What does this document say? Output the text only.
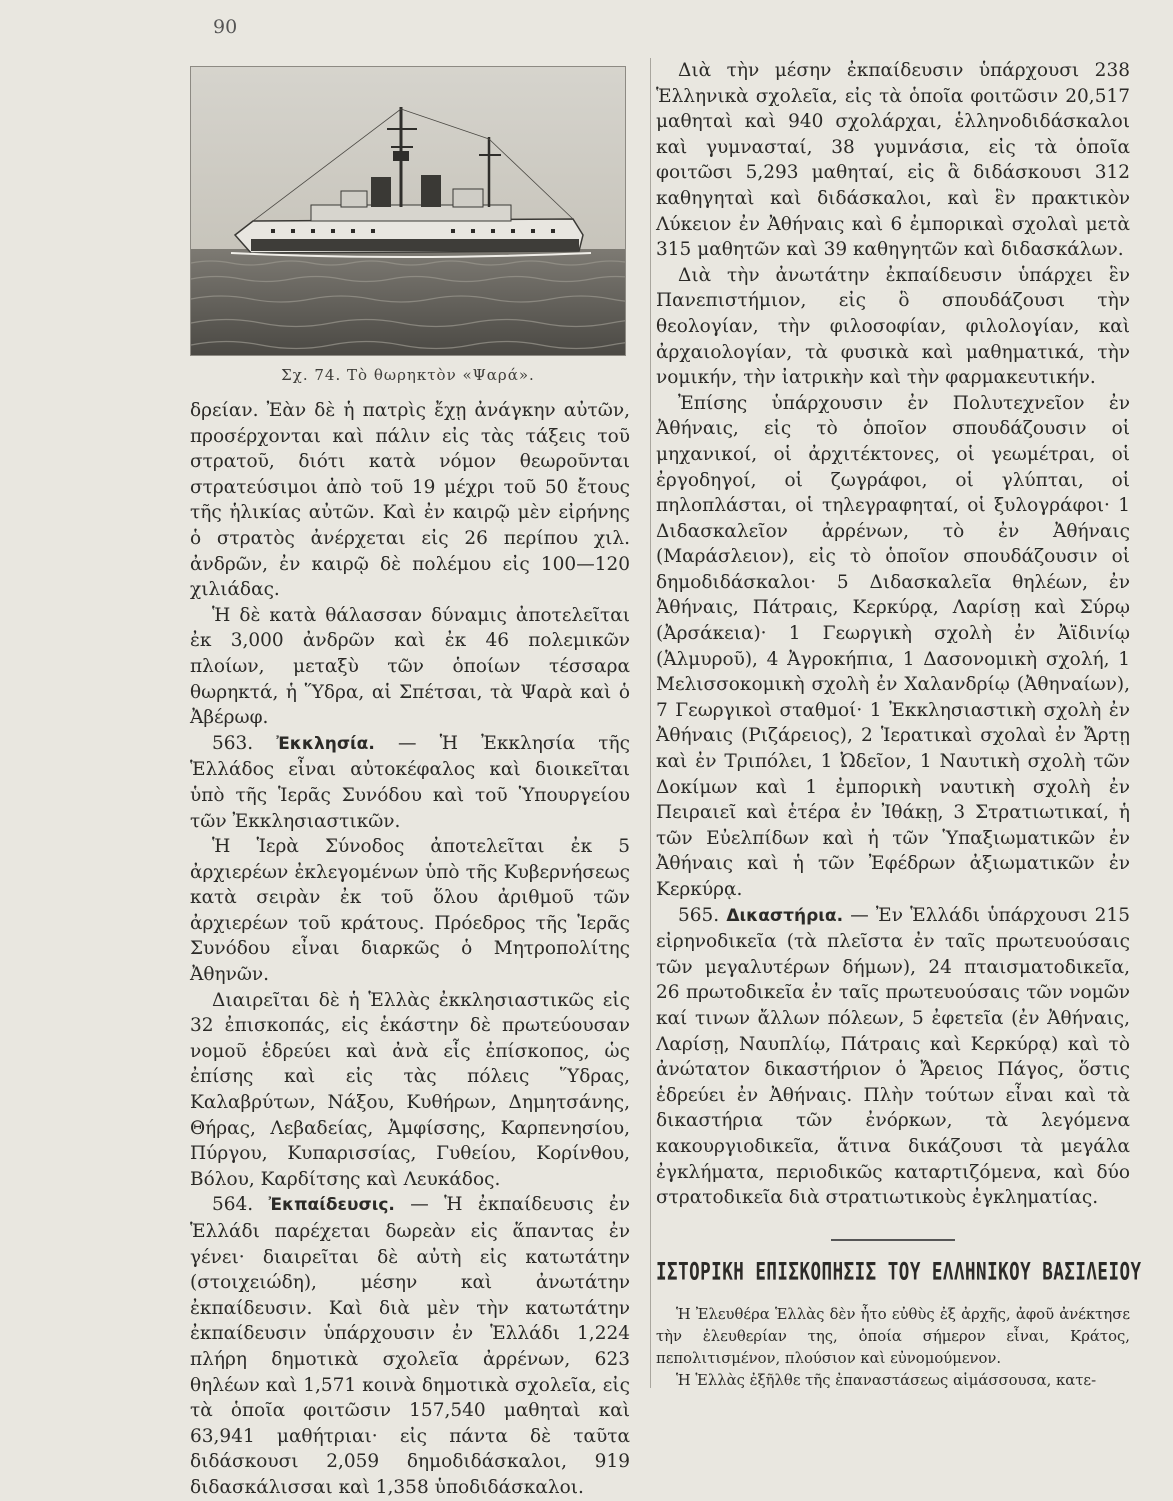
90
Σχ. 74. Τὸ θωρηκτὸν «Ψαρά».

δρείαν. Ἐὰν δὲ ἡ πατρὶς ἔχῃ ἀνάγκην αὐτῶν, προσέρχονται καὶ πάλιν εἰς τὰς τάξεις τοῦ στρατοῦ, διότι κατὰ νόμον θεωροῦνται στρατεύσιμοι ἀπὸ τοῦ 19 μέχρι τοῦ 50 ἔτους τῆς ἡλικίας αὐτῶν. Καὶ ἐν καιρῷ μὲν εἰρήνης ὁ στρατὸς ἀνέρχεται εἰς 26 περίπου χιλ. ἀνδρῶν, ἐν καιρῷ δὲ πολέμου εἰς 100—120 χιλιάδας.

Ἡ δὲ κατὰ θάλασσαν δύναμις ἀποτελεῖται ἐκ 3,000 ἀνδρῶν καὶ ἐκ 46 πολεμικῶν πλοίων, μεταξὺ τῶν ὁποίων τέσσαρα θωρηκτά, ἡ Ὕδρα, αἱ Σπέτσαι, τὰ Ψαρὰ καὶ ὁ Ἀβέρωφ.

563. Ἐκκλησία. — Ἡ Ἐκκλησία τῆς Ἑλλάδος εἶναι αὐτοκέφαλος καὶ διοικεῖται ὑπὸ τῆς Ἱερᾶς Συνόδου καὶ τοῦ Ὑπουργείου τῶν Ἐκκλησιαστικῶν.

Ἡ Ἱερὰ Σύνοδος ἀποτελεῖται ἐκ 5 ἀρχιερέων ἐκλεγομένων ὑπὸ τῆς Κυβερνήσεως κατὰ σειρὰν ἐκ τοῦ ὅλου ἀριθμοῦ τῶν ἀρχιερέων τοῦ κράτους. Πρόεδρος τῆς Ἱερᾶς Συνόδου εἶναι διαρκῶς ὁ Μητροπολίτης Ἀθηνῶν.

Διαιρεῖται δὲ ἡ Ἑλλὰς ἐκκλησιαστικῶς εἰς 32 ἐπισκοπάς, εἰς ἑκάστην δὲ πρωτεύουσαν νομοῦ ἑδρεύει καὶ ἀνὰ εἷς ἐπίσκοπος, ὡς ἐπίσης καὶ εἰς τὰς πόλεις Ὕδρας, Καλαβρύτων, Νάξου, Κυθήρων, Δημητσάνης, Θήρας, Λεβαδείας, Ἀμφίσσης, Καρπενησίου, Πύργου, Κυπαρισσίας, Γυθείου, Κορίνθου, Βόλου, Καρδίτσης καὶ Λευκάδος.

564. Ἐκπαίδευσις. — Ἡ ἐκπαίδευσις ἐν Ἑλλάδι παρέχεται δωρεὰν εἰς ἅπαντας ἐν γένει· διαιρεῖται δὲ αὐτὴ εἰς κατωτάτην (στοιχειώδη), μέσην καὶ ἀνωτάτην ἐκπαίδευσιν. Καὶ διὰ μὲν τὴν κατωτάτην ἐκπαίδευσιν ὑπάρχουσιν ἐν Ἑλλάδι 1,224 πλήρη δημοτικὰ σχολεῖα ἀρρένων, 623 θηλέων καὶ 1,571 κοινὰ δημοτικὰ σχολεῖα, εἰς τὰ ὁποῖα φοιτῶσιν 157,540 μαθηταὶ καὶ 63,941 μαθήτριαι· εἰς πάντα δὲ ταῦτα διδάσκουσι 2,059 δημοδιδάσκαλοι, 919 διδασκάλισσαι καὶ 1,358 ὑποδιδάσκαλοι.

Διὰ τὴν μέσην ἐκπαίδευσιν ὑπάρχουσι 238 Ἑλληνικὰ σχολεῖα, εἰς τὰ ὁποῖα φοιτῶσιν 20,517 μαθηταὶ καὶ 940 σχολάρχαι, ἑλληνοδιδάσκαλοι καὶ γυμνασταί, 38 γυμνάσια, εἰς τὰ ὁποῖα φοιτῶσι 5,293 μαθηταί, εἰς ἃ διδάσκουσι 312 καθηγηταὶ καὶ διδάσκαλοι, καὶ ἓν πρακτικὸν Λύκειον ἐν Ἀθήναις καὶ 6 ἐμπορικαὶ σχολαὶ μετὰ 315 μαθητῶν καὶ 39 καθηγητῶν καὶ διδασκάλων.

Διὰ τὴν ἀνωτάτην ἐκπαίδευσιν ὑπάρχει ἓν Πανεπιστήμιον, εἰς ὃ σπουδάζουσι τὴν θεολογίαν, τὴν φιλοσοφίαν, φιλολογίαν, καὶ ἀρχαιολογίαν, τὰ φυσικὰ καὶ μαθηματικά, τὴν νομικήν, τὴν ἰατρικὴν καὶ τὴν φαρμακευτικήν.

Ἐπίσης ὑπάρχουσιν ἐν Πολυτεχνεῖον ἐν Ἀθήναις, εἰς τὸ ὁποῖον σπουδάζουσιν οἱ μηχανικοί, οἱ ἀρχιτέκτονες, οἱ γεωμέτραι, οἱ ἐργοδηγοί, οἱ ζωγράφοι, οἱ γλύπται, οἱ πηλοπλάσται, οἱ τηλεγραφηταί, οἱ ξυλογράφοι· 1 Διδασκαλεῖον ἀρρένων, τὸ ἐν Ἀθήναις (Μαράσλειον), εἰς τὸ ὁποῖον σπουδάζουσιν οἱ δημοδιδάσκαλοι· 5 Διδασκαλεῖα θηλέων, ἐν Ἀθήναις, Πάτραις, Κερκύρᾳ, Λαρίσῃ καὶ Σύρῳ (Ἀρσάκεια)· 1 Γεωργικὴ σχολὴ ἐν Ἀϊδινίῳ (Ἁλμυροῦ), 4 Ἀγροκήπια, 1 Δασονομικὴ σχολή, 1 Μελισσοκομικὴ σχολὴ ἐν Χαλανδρίῳ (Ἀθηναίων), 7 Γεωργικοὶ σταθμοί· 1 Ἐκκλησιαστικὴ σχολὴ ἐν Ἀθήναις (Ριζάρειος), 2 Ἱερατικαὶ σχολαὶ ἐν Ἄρτῃ καὶ ἐν Τριπόλει, 1 Ὠδεῖον, 1 Ναυτικὴ σχολὴ τῶν Δοκίμων καὶ 1 ἐμπορικὴ ναυτικὴ σχολὴ ἐν Πειραιεῖ καὶ ἑτέρα ἐν Ἰθάκῃ, 3 Στρατιωτικαί, ἡ τῶν Εὐελπίδων καὶ ἡ τῶν Ὑπαξιωματικῶν ἐν Ἀθήναις καὶ ἡ τῶν Ἐφέδρων ἀξιωματικῶν ἐν Κερκύρᾳ.

565. Δικαστήρια. — Ἐν Ἑλλάδι ὑπάρχουσι 215 εἰρηνοδικεῖα (τὰ πλεῖστα ἐν ταῖς πρωτευούσαις τῶν μεγαλυτέρων δήμων), 24 πταισματοδικεῖα, 26 πρωτοδικεῖα ἐν ταῖς πρωτευούσαις τῶν νομῶν καί τινων ἄλλων πόλεων, 5 ἐφετεῖα (ἐν Ἀθήναις, Λαρίσῃ, Ναυπλίῳ, Πάτραις καὶ Κερκύρᾳ) καὶ τὸ ἀνώτατον δικαστήριον ὁ Ἄρειος Πάγος, ὅστις ἑδρεύει ἐν Ἀθήναις. Πλὴν τούτων εἶναι καὶ τὰ δικαστήρια τῶν ἐνόρκων, τὰ λεγόμενα κακουργιοδικεῖα, ἅτινα δικάζουσι τὰ μεγάλα ἐγκλήματα, περιοδικῶς καταρτιζόμενα, καὶ δύο στρατοδικεῖα διὰ στρατιωτικοὺς ἐγκληματίας.

ΙΣΤΟΡΙΚΗ ΕΠΙΣΚΟΠΗΣΙΣ ΤΟΥ ΕΛΛΗΝΙΚΟΥ ΒΑΣΙΛΕΙΟΥ

Ἡ Ἐλευθέρα Ἑλλὰς δὲν ἦτο εὐθὺς ἐξ ἀρχῆς, ἀφοῦ ἀνέκτησε τὴν ἐλευθερίαν της, ὁποία σήμερον εἶναι, Κράτος, πεπολιτισμένον, πλούσιον καὶ εὐνομούμενον.

Ἡ Ἑλλὰς ἐξῆλθε τῆς ἐπαναστάσεως αἱμάσσουσα, κατε-
